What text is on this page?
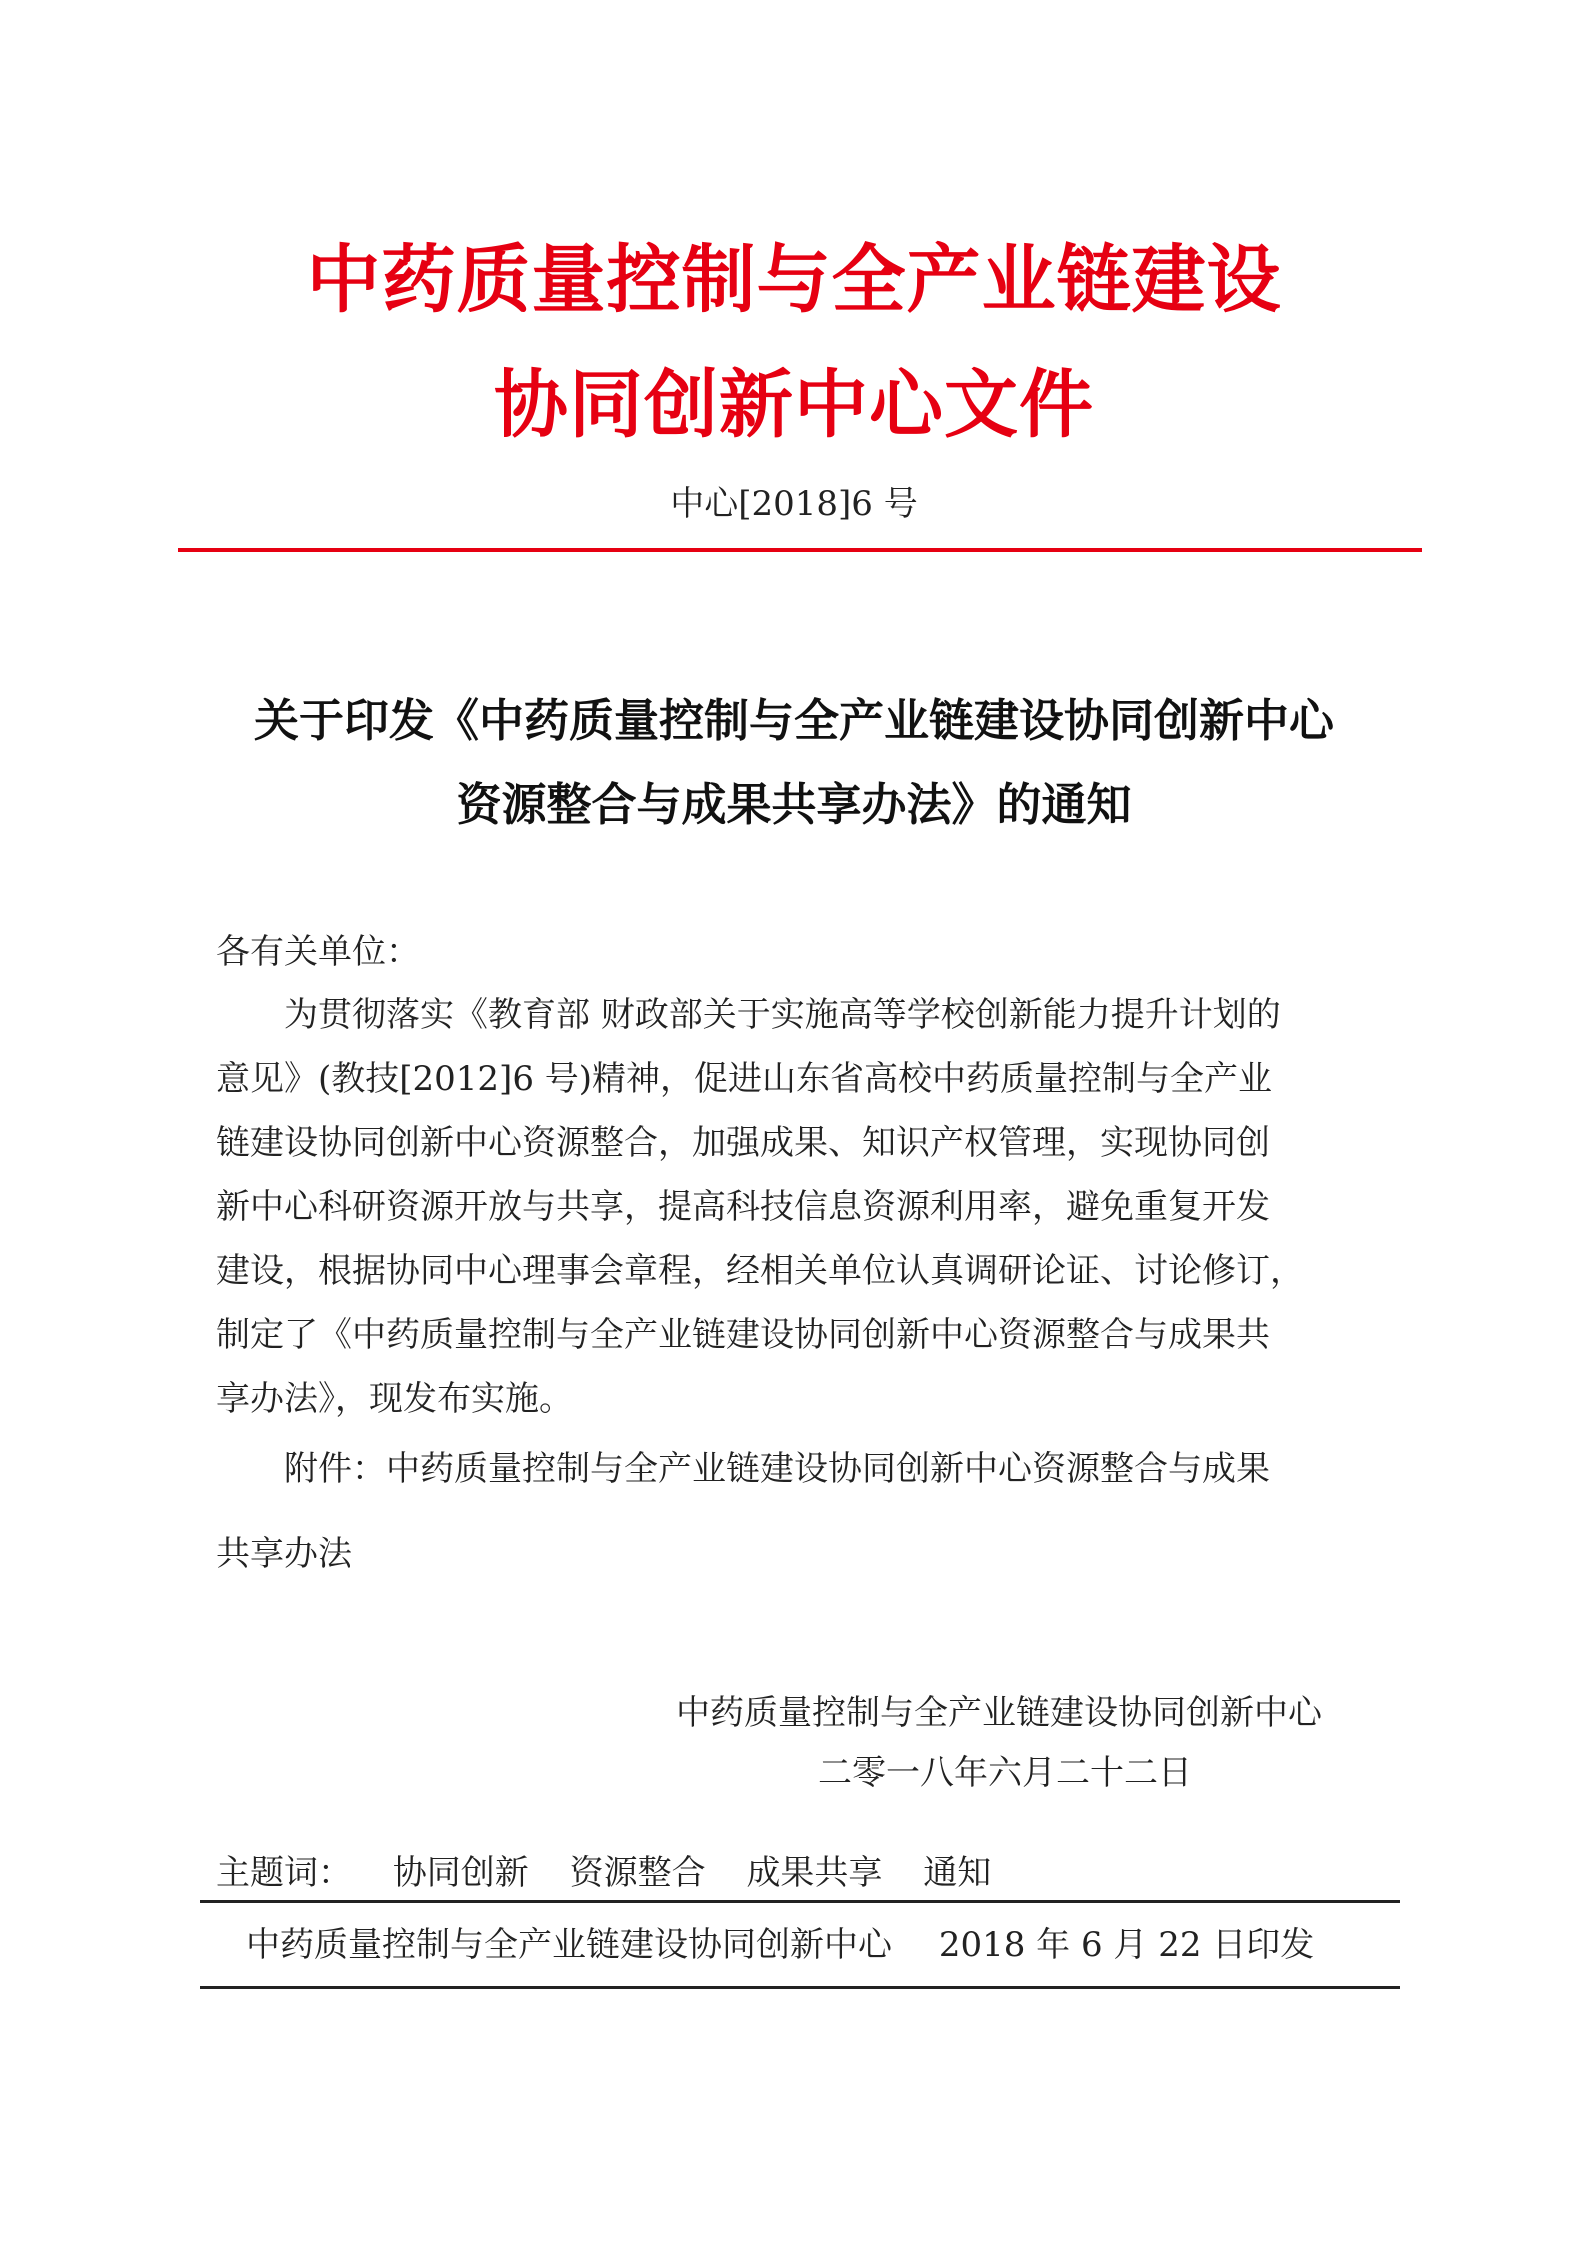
中药质量控制与全产业链建设
协同创新中心文件
中心[2018]6 号
关于印发《中药质量控制与全产业链建设协同创新中心
资源整合与成果共享办法》的通知
各有关单位：
　　为贯彻落实《教育部 财政部关于实施高等学校创新能力提升计划的
意见》(教技[2012]6 号)精神，促进山东省高校中药质量控制与全产业
链建设协同创新中心资源整合，加强成果、知识产权管理，实现协同创
新中心科研资源开放与共享，提高科技信息资源利用率，避免重复开发
建设，根据协同中心理事会章程，经相关单位认真调研论证、讨论修订，
制定了《中药质量控制与全产业链建设协同创新中心资源整合与成果共
享办法》，现发布实施。
　　附件：中药质量控制与全产业链建设协同创新中心资源整合与成果
共享办法
中药质量控制与全产业链建设协同创新中心
二零一八年六月二十二日
主题词： 协同创新 资源整合 成果共享 通知
中药质量控制与全产业链建设协同创新中心 2018 年 6 月 22 日印发
